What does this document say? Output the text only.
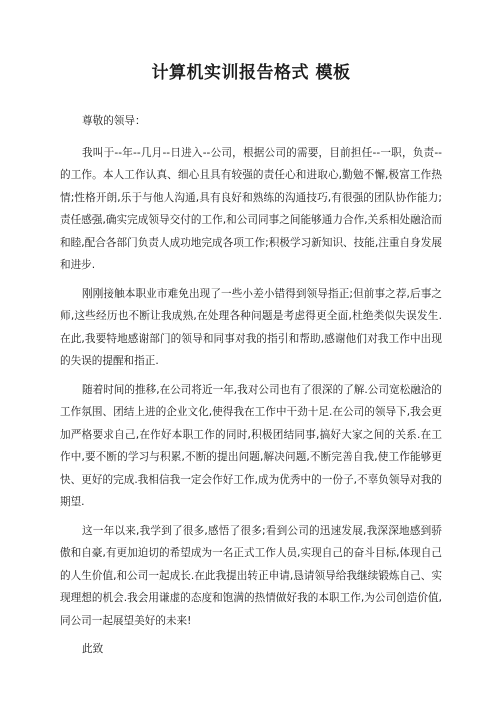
计算机实训报告格式 模板
尊敬的领导：

我叫于--年--几月--日进入--公司，根据公司的需要，目前担任--一职，负责--的工作。本人工作认真、细心且具有较强的责任心和进取心,勤勉不懈,极富工作热情;性格开朗,乐于与他人沟通,具有良好和熟练的沟通技巧,有很强的团队协作能力;责任感强,确实完成领导交付的工作,和公司同事之间能够通力合作,关系相处融洽而和睦,配合各部门负责人成功地完成各项工作;积极学习新知识、技能,注重自身发展和进步.

刚刚接触本职业市难免出现了一些小差小错得到领导指正;但前事之荐,后事之师,这些经历也不断让我成熟,在处理各种问题是考虑得更全面,杜绝类似失误发生.在此,我要特地感谢部门的领导和同事对我的指引和帮助,感谢他们对我工作中出现的失误的提醒和指正.

随着时间的推移,在公司将近一年,我对公司也有了很深的了解.公司宽松融洽的工作氛围、团结上进的企业文化,使得我在工作中干劲十足.在公司的领导下,我会更加严格要求自己,在作好本职工作的同时,积极团结同事,搞好大家之间的关系.在工作中,要不断的学习与积累,不断的提出问题,解决问题,不断完善自我,使工作能够更快、更好的完成.我相信我一定会作好工作,成为优秀中的一份子,不辜负领导对我的期望.

这一年以来,我学到了很多,感悟了很多;看到公司的迅速发展,我深深地感到骄傲和自豪,有更加迫切的希望成为一名正式工作人员,实现自己的奋斗目标,体现自己的人生价值,和公司一起成长.在此我提出转正申请,恳请领导给我继续锻炼自己、实现理想的机会.我会用谦虚的态度和饱满的热情做好我的本职工作,为公司创造价值,同公司一起展望美好的未来!

此致
